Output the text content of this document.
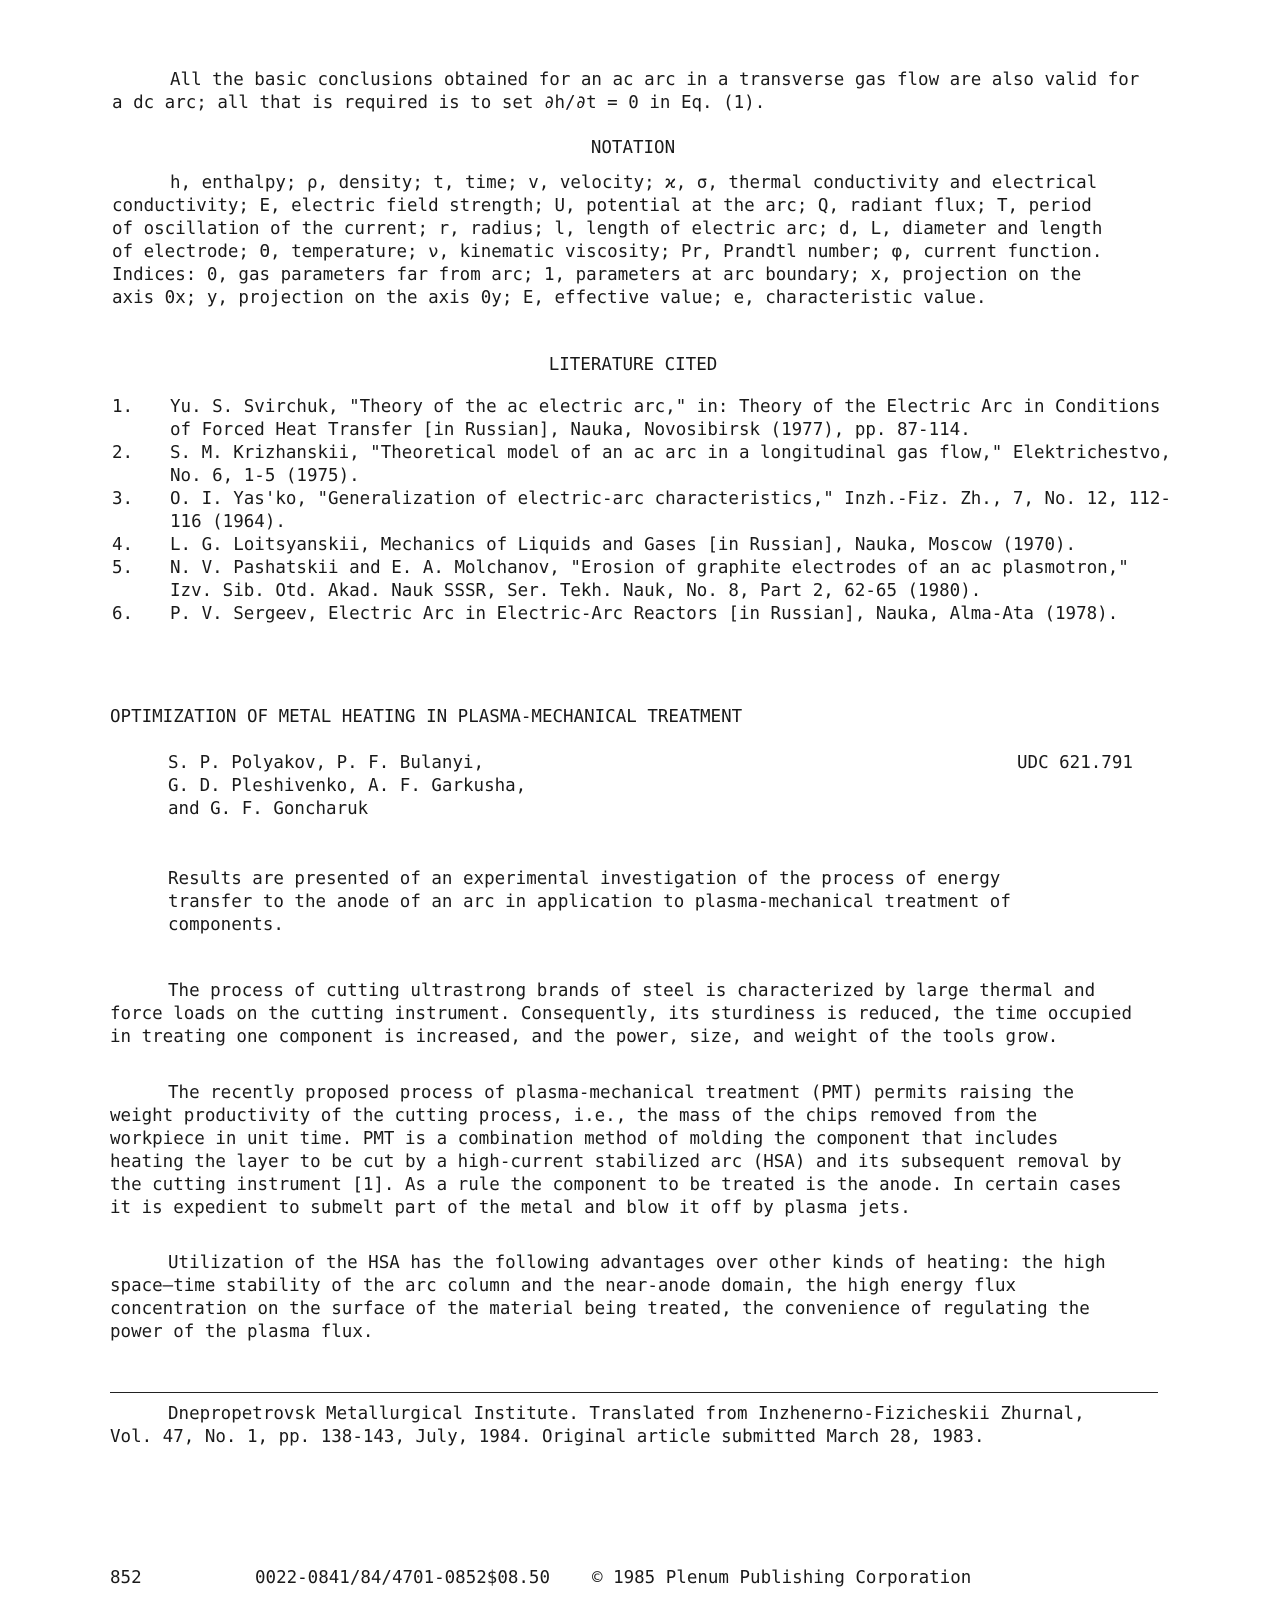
All the basic conclusions obtained for an ac arc in a transverse gas flow are also valid for a dc arc; all that is required is to set ∂h/∂t = 0 in Eq. (1).

NOTATION

h, enthalpy; ρ, density; t, time; v, velocity; ϰ, σ, thermal conductivity and electrical conductivity; E, electric field strength; U, potential at the arc; Q, radiant flux; T, period of oscillation of the current; r, radius; l, length of electric arc; d, L, diameter and length of electrode; Θ, temperature; ν, kinematic viscosity; Pr, Prandtl number; φ, current function. Indices: 0, gas parameters far from arc; 1, parameters at arc boundary; x, projection on the axis 0x; y, projection on the axis 0y; E, effective value; e, characteristic value.

LITERATURE CITED
1. Yu. S. Svirchuk, "Theory of the ac electric arc," in: Theory of the Electric Arc in Conditions of Forced Heat Transfer [in Russian], Nauka, Novosibirsk (1977), pp. 87-114.
2. S. M. Krizhanskii, "Theoretical model of an ac arc in a longitudinal gas flow," Elektrichestvo, No. 6, 1-5 (1975).
3. O. I. Yas'ko, "Generalization of electric-arc characteristics," Inzh.-Fiz. Zh., 7, No. 12, 112-116 (1964).
4. L. G. Loitsyanskii, Mechanics of Liquids and Gases [in Russian], Nauka, Moscow (1970).
5. N. V. Pashatskii and E. A. Molchanov, "Erosion of graphite electrodes of an ac plasmotron," Izv. Sib. Otd. Akad. Nauk SSSR, Ser. Tekh. Nauk, No. 8, Part 2, 62-65 (1980).
6. P. V. Sergeev, Electric Arc in Electric-Arc Reactors [in Russian], Nauka, Alma-Ata (1978).
OPTIMIZATION OF METAL HEATING IN PLASMA-MECHANICAL TREATMENT
S. P. Polyakov, P. F. Bulanyi,
G. D. Pleshivenko, A. F. Garkusha,
and G. F. Goncharuk
UDC 621.791

Results are presented of an experimental investigation of the process of energy transfer to the anode of an arc in application to plasma-mechanical treatment of components.

The process of cutting ultrastrong brands of steel is characterized by large thermal and force loads on the cutting instrument. Consequently, its sturdiness is reduced, the time occupied in treating one component is increased, and the power, size, and weight of the tools grow.

The recently proposed process of plasma-mechanical treatment (PMT) permits raising the weight productivity of the cutting process, i.e., the mass of the chips removed from the workpiece in unit time. PMT is a combination method of molding the component that includes heating the layer to be cut by a high-current stabilized arc (HSA) and its subsequent removal by the cutting instrument [1]. As a rule the component to be treated is the anode. In certain cases it is expedient to submelt part of the metal and blow it off by plasma jets.

Utilization of the HSA has the following advantages over other kinds of heating: the high space—time stability of the arc column and the near-anode domain, the high energy flux concentration on the surface of the material being treated, the convenience of regulating the power of the plasma flux.

Dnepropetrovsk Metallurgical Institute. Translated from Inzhenerno-Fizicheskii Zhurnal, Vol. 47, No. 1, pp. 138-143, July, 1984. Original article submitted March 28, 1983.

852	0022-0841/84/4701-0852$08.50 © 1985 Plenum Publishing Corporation
